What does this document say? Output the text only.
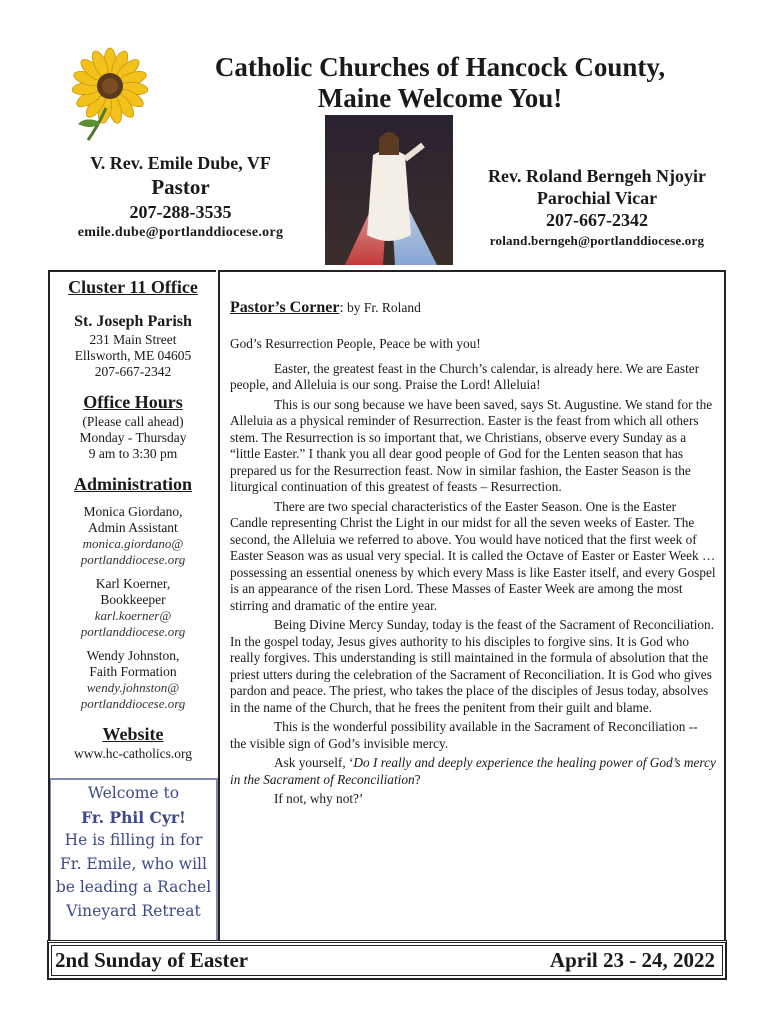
Catholic Churches of Hancock County,
Maine Welcome You!
V. Rev. Emile Dube, VF
Pastor
207-288-3535
emile.dube@portlanddiocese.org
Rev. Roland Berngeh Njoyir
Parochial Vicar
207-667-2342
roland.berngeh@portlanddiocese.org
Cluster 11 Office
St. Joseph Parish
231 Main Street
Ellsworth, ME 04605
207-667-2342
Office Hours
(Please call ahead)
Monday - Thursday
9 am to 3:30 pm
Administration
Monica Giordano,
Admin Assistant
monica.giordano@
portlanddiocese.org
Karl Koerner,
Bookkeeper
karl.koerner@
portlanddiocese.org
Wendy Johnston,
Faith Formation
wendy.johnston@
portlanddiocese.org
Website
www.hc-catholics.org
Welcome to
Fr. Phil Cyr!
He is filling in for
Fr. Emile, who will
be leading a Rachel
Vineyard Retreat
Pastor’s Corner: by Fr. Roland

God’s Resurrection People, Peace be with you!

Easter, the greatest feast in the Church’s calendar, is already here. We are Easter people, and Alleluia is our song. Praise the Lord! Alleluia!

This is our song because we have been saved, says St. Augustine. We stand for the Alleluia as a physical reminder of Resurrection. Easter is the feast from which all others stem. The Resurrection is so important that, we Christians, observe every Sunday as a “little Easter.” I thank you all dear good people of God for the Lenten season that has prepared us for the Resurrection feast. Now in similar fashion, the Easter Season is the liturgical continuation of this greatest of feasts – Resurrection.

There are two special characteristics of the Easter Season. One is the Easter Candle representing Christ the Light in our midst for all the seven weeks of Easter. The second, the Alleluia we referred to above. You would have noticed that the first week of Easter Season was as usual very special. It is called the Octave of Easter or Easter Week … possessing an essential oneness by which every Mass is like Easter itself, and every Gospel is an appearance of the risen Lord. These Masses of Easter Week are among the most stirring and dramatic of the entire year.

Being Divine Mercy Sunday, today is the feast of the Sacrament of Reconciliation. In the gospel today, Jesus gives authority to his disciples to forgive sins. It is God who really forgives. This understanding is still maintained in the formula of absolution that the priest utters during the celebration of the Sacrament of Reconciliation. It is God who gives pardon and peace. The priest, who takes the place of the disciples of Jesus today, absolves in the name of the Church, that he frees the penitent from their guilt and blame.

This is the wonderful possibility available in the Sacrament of Reconciliation -- the visible sign of God’s invisible mercy.

Ask yourself, ‘Do I really and deeply experience the healing power of God’s mercy in the Sacrament of Reconciliation?

If not, why not?’

2nd Sunday of Easter	April 23 - 24, 2022
